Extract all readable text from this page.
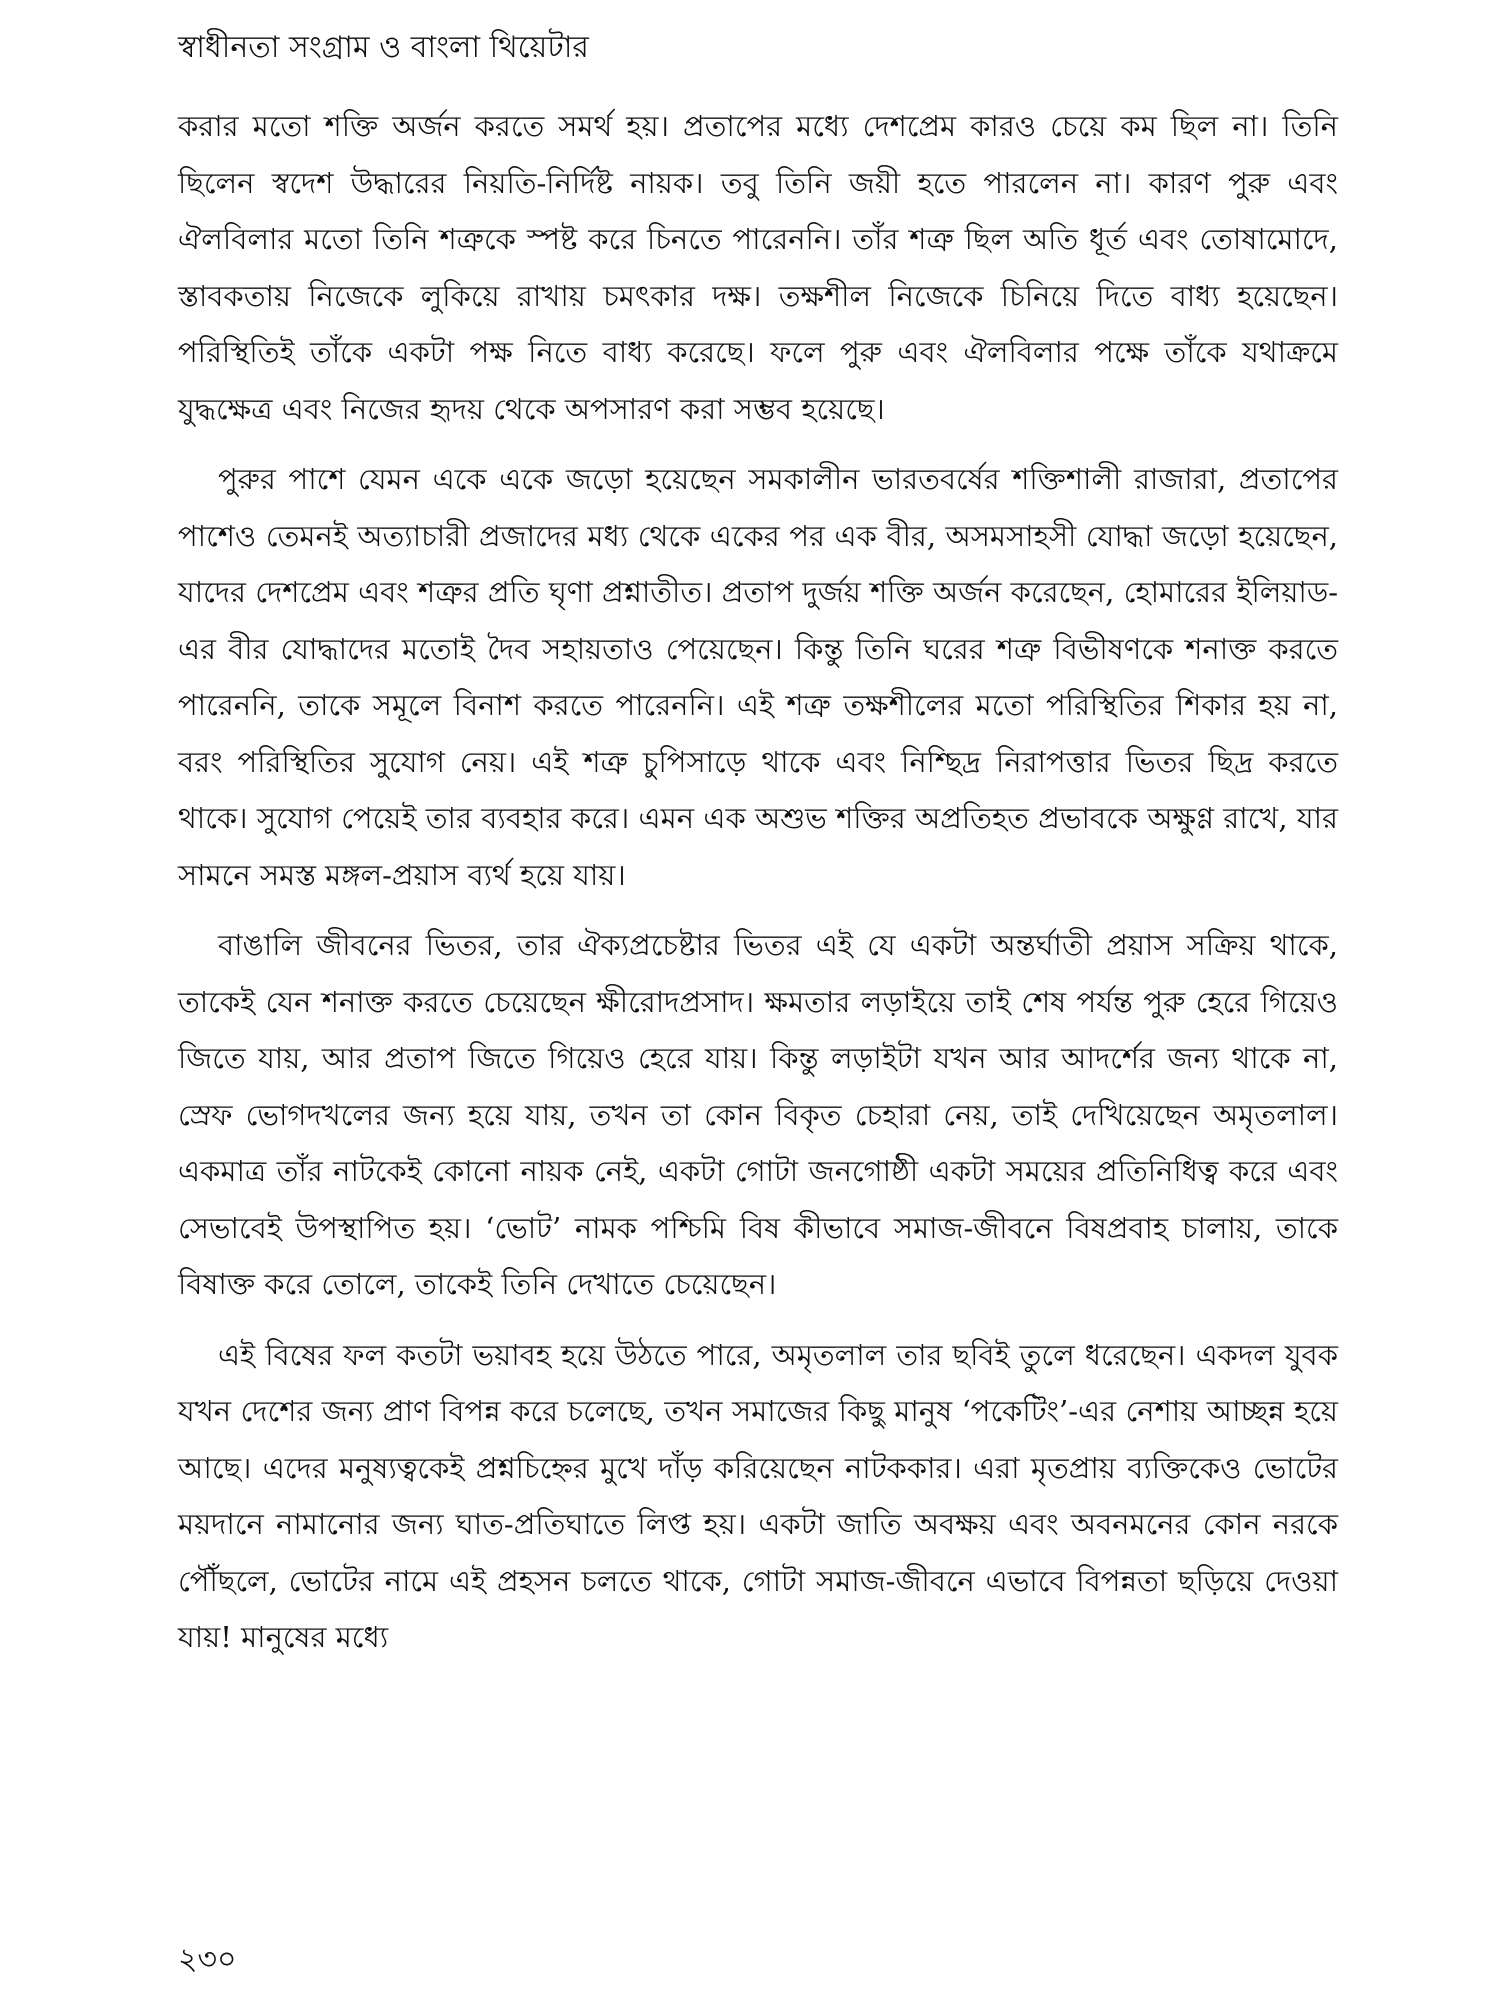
স্বাধীনতা সংগ্রাম ও বাংলা থিয়েটার

করার মতো শক্তি অর্জন করতে সমর্থ হয়। প্রতাপের মধ্যে দেশপ্রেম কারও চেয়ে কম ছিল না। তিনি ছিলেন স্বদেশ উদ্ধারের নিয়তি-নির্দিষ্ট নায়ক। তবু তিনি জয়ী হতে পারলেন না। কারণ পুরু এবং ঐলবিলার মতো তিনি শত্রুকে স্পষ্ট করে চিনতে পারেননি। তাঁর শত্রু ছিল অতি ধূর্ত এবং তোষামোদে, স্তাবকতায় নিজেকে লুকিয়ে রাখায় চমৎকার দক্ষ। তক্ষশীল নিজেকে চিনিয়ে দিতে বাধ্য হয়েছেন। পরিস্থিতিই তাঁকে একটা পক্ষ নিতে বাধ্য করেছে। ফলে পুরু এবং ঐলবিলার পক্ষে তাঁকে যথাক্রমে যুদ্ধক্ষেত্র এবং নিজের হৃদয় থেকে অপসারণ করা সম্ভব হয়েছে।

পুরুর পাশে যেমন একে একে জড়ো হয়েছেন সমকালীন ভারতবর্ষের শক্তিশালী রাজারা, প্রতাপের পাশেও তেমনই অত্যাচারী প্রজাদের মধ্য থেকে একের পর এক বীর, অসমসাহসী যোদ্ধা জড়ো হয়েছেন, যাদের দেশপ্রেম এবং শত্রুর প্রতি ঘৃণা প্রশ্নাতীত। প্রতাপ দুর্জয় শক্তি অর্জন করেছেন, হোমারের ইলিয়াড-এর বীর যোদ্ধাদের মতোই দৈব সহায়তাও পেয়েছেন। কিন্তু তিনি ঘরের শত্রু বিভীষণকে শনাক্ত করতে পারেননি, তাকে সমূলে বিনাশ করতে পারেননি। এই শত্রু তক্ষশীলের মতো পরিস্থিতির শিকার হয় না, বরং পরিস্থিতির সুযোগ নেয়। এই শত্রু চুপিসাড়ে থাকে এবং নিশ্ছিদ্র নিরাপত্তার ভিতর ছিদ্র করতে থাকে। সুযোগ পেয়েই তার ব্যবহার করে। এমন এক অশুভ শক্তির অপ্রতিহত প্রভাবকে অক্ষুণ্ণ রাখে, যার সামনে সমস্ত মঙ্গল-প্রয়াস ব্যর্থ হয়ে যায়।

বাঙালি জীবনের ভিতর, তার ঐক্যপ্রচেষ্টার ভিতর এই যে একটা অন্তর্ঘাতী প্রয়াস সক্রিয় থাকে, তাকেই যেন শনাক্ত করতে চেয়েছেন ক্ষীরোদপ্রসাদ। ক্ষমতার লড়াইয়ে তাই শেষ পর্যন্ত পুরু হেরে গিয়েও জিতে যায়, আর প্রতাপ জিতে গিয়েও হেরে যায়। কিন্তু লড়াইটা যখন আর আদর্শের জন্য থাকে না, স্রেফ ভোগদখলের জন্য হয়ে যায়, তখন তা কোন বিকৃত চেহারা নেয়, তাই দেখিয়েছেন অমৃতলাল। একমাত্র তাঁর নাটকেই কোনো নায়ক নেই, একটা গোটা জনগোষ্ঠী একটা সময়ের প্রতিনিধিত্ব করে এবং সেভাবেই উপস্থাপিত হয়। ‘ভোট’ নামক পশ্চিমি বিষ কীভাবে সমাজ-জীবনে বিষপ্রবাহ চালায়, তাকে বিষাক্ত করে তোলে, তাকেই তিনি দেখাতে চেয়েছেন।

এই বিষের ফল কতটা ভয়াবহ হয়ে উঠতে পারে, অমৃতলাল তার ছবিই তুলে ধরেছেন। একদল যুবক যখন দেশের জন্য প্রাণ বিপন্ন করে চলেছে, তখন সমাজের কিছু মানুষ ‘পকেটিং’-এর নেশায় আচ্ছন্ন হয়ে আছে। এদের মনুষ্যত্বকেই প্রশ্নচিহ্নের মুখে দাঁড় করিয়েছেন নাটককার। এরা মৃতপ্রায় ব্যক্তিকেও ভোটের ময়দানে নামানোর জন্য ঘাত-প্রতিঘাতে লিপ্ত হয়। একটা জাতি অবক্ষয় এবং অবনমনের কোন নরকে পৌঁছলে, ভোটের নামে এই প্রহসন চলতে থাকে, গোটা সমাজ-জীবনে এভাবে বিপন্নতা ছড়িয়ে দেওয়া যায়! মানুষের মধ্যে

২৩০
